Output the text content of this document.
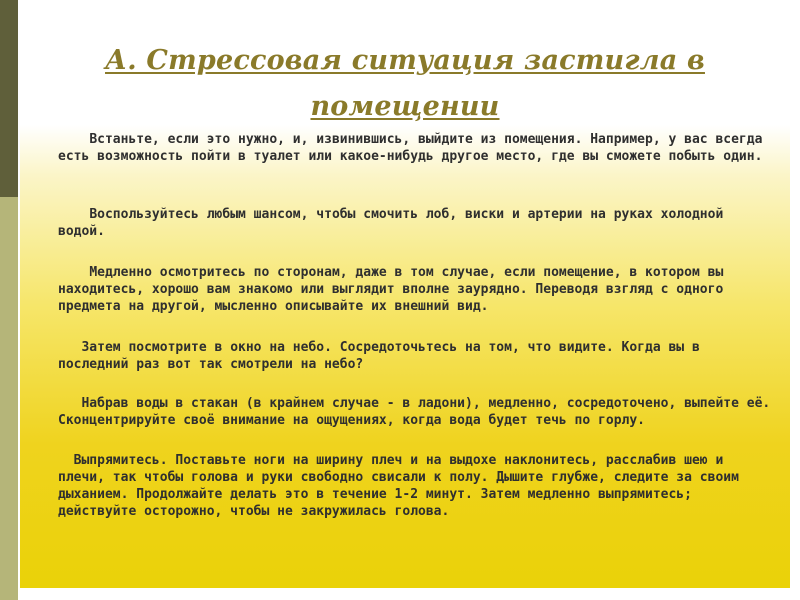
А. Стрессовая ситуация застигла в помещении
Встаньте, если это нужно, и, извинившись, выйдите из помещения. Например, у вас всегда есть возможность пойти в туалет или какое-нибудь другое место, где вы сможете побыть один.
Воспользуйтесь любым шансом, чтобы смочить лоб, виски и артерии на руках холодной водой.
Медленно осмотритесь по сторонам, даже в том случае, если помещение, в котором вы находитесь, хорошо вам знакомо или выглядит вполне заурядно. Переводя взгляд с одного предмета на другой, мысленно описывайте их внешний вид.
Затем посмотрите в окно на небо. Сосредоточьтесь на том, что видите. Когда вы в последний раз вот так смотрели на небо?
Набрав воды в стакан (в крайнем случае - в ладони), медленно, сосредоточено, выпейте её. Сконцентрируйте своё внимание на ощущениях, когда вода будет течь по горлу.
Выпрямитесь. Поставьте ноги на ширину плеч и на выдохе наклонитесь, расслабив шею и плечи, так чтобы голова и руки свободно свисали к полу. Дышите глубже, следите за своим дыханием. Продолжайте делать это в течение 1-2 минут. Затем медленно выпрямитесь; действуйте осторожно, чтобы не закружилась голова.
